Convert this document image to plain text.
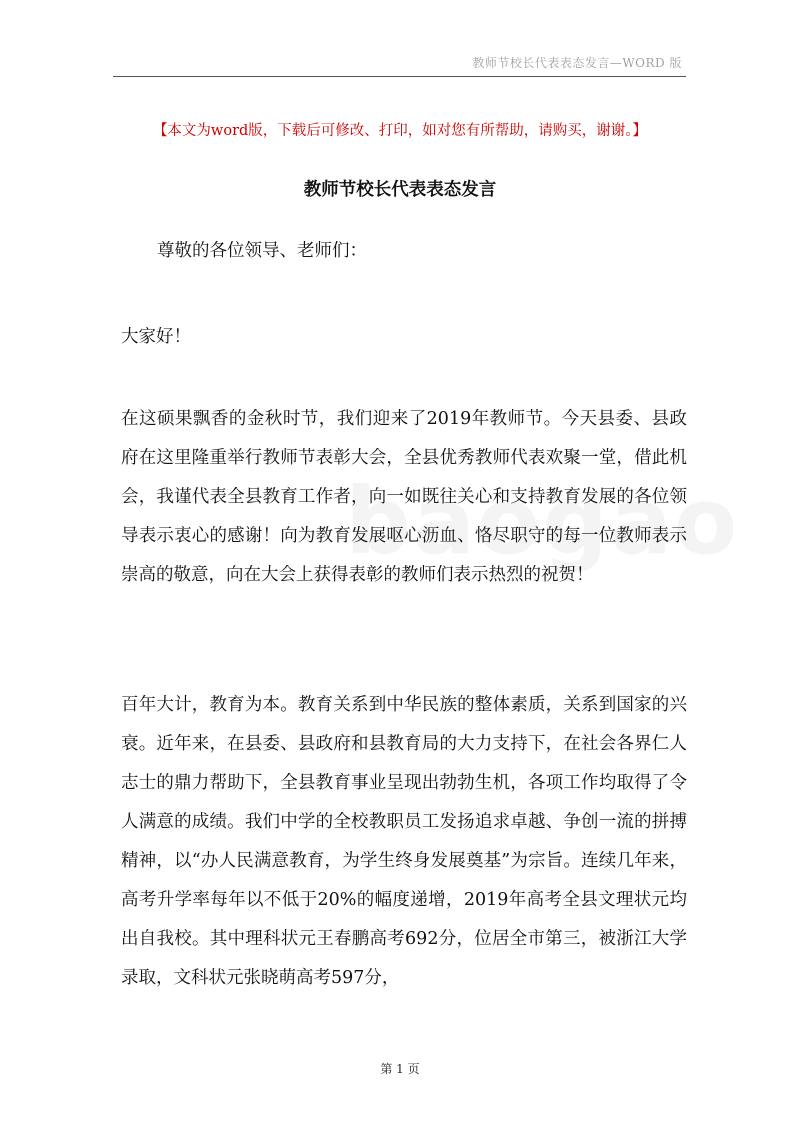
教师节校长代表表态发言—WORD 版
【本文为word版，下载后可修改、打印，如对您有所帮助，请购买，谢谢。】
教师节校长代表表态发言

尊敬的各位领导、老师们：

大家好！

在这硕果飘香的金秋时节，我们迎来了2019年教师节。今天县委、县政府在这里隆重举行教师节表彰大会，全县优秀教师代表欢聚一堂，借此机会，我谨代表全县教育工作者，向一如既往关心和支持教育发展的各位领导表示衷心的感谢！向为教育发展呕心沥血、恪尽职守的每一位教师表示崇高的敬意，向在大会上获得表彰的教师们表示热烈的祝贺！

百年大计，教育为本。教育关系到中华民族的整体素质，关系到国家的兴衰。近年来，在县委、县政府和县教育局的大力支持下，在社会各界仁人志士的鼎力帮助下，全县教育事业呈现出勃勃生机，各项工作均取得了令人满意的成绩。我们中学的全校教职员工发扬追求卓越、争创一流的拼搏精神，以“办人民满意教育，为学生终身发展奠基”为宗旨。连续几年来，高考升学率每年以不低于20%的幅度递增，2019年高考全县文理状元均出自我校。其中理科状元王春鹏高考692分，位居全市第三，被浙江大学录取，文科状元张晓萌高考597分，

第 1 页
